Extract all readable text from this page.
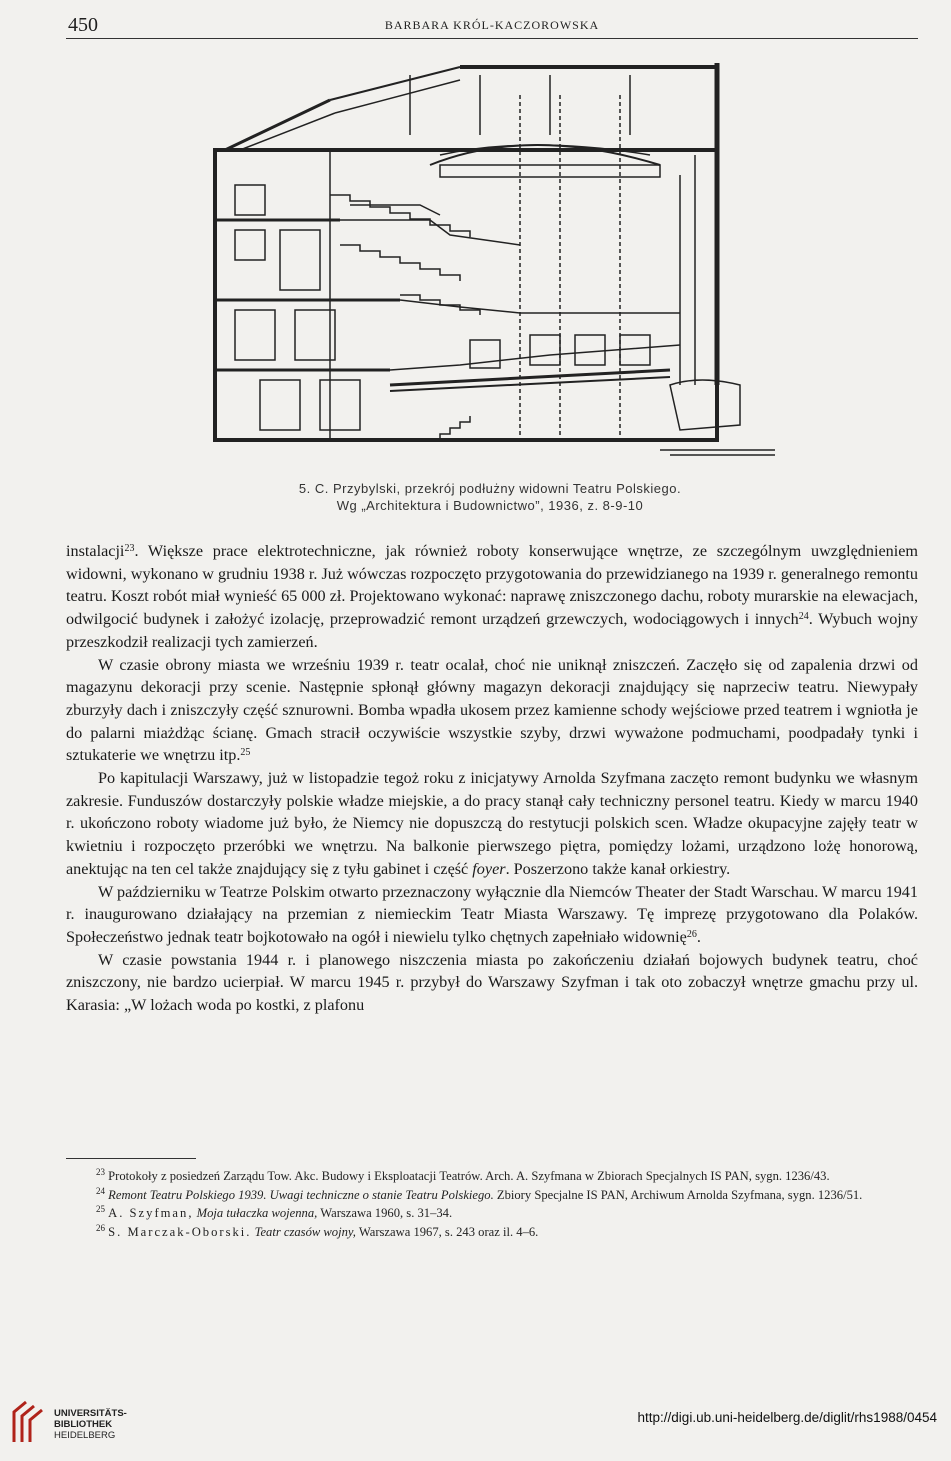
450	BARBARA KRÓL-KACZOROWSKA
5. C. Przybylski, przekrój podłużny widowni Teatru Polskiego.
Wg „Architektura i Budownictwo”, 1936, z. 8-9-10

instalacji$^{23}$. Większe prace elektrotechniczne, jak również roboty konserwujące wnętrze, ze szczególnym uwzględnieniem widowni, wykonano w grudniu 1938 r. Już wówczas rozpoczęto przygotowania do przewidzianego na 1939 r. generalnego remontu teatru. Koszt robót miał wynieść 65 000 zł. Projektowano wykonać: naprawę zniszczonego dachu, roboty murarskie na elewacjach, odwilgocić budynek i założyć izolację, przeprowadzić remont urządzeń grzewczych, wodociągowych i innych$^{24}$. Wybuch wojny przeszkodził realizacji tych zamierzeń.

W czasie obrony miasta we wrześniu 1939 r. teatr ocalał, choć nie uniknął zniszczeń. Zaczęło się od zapalenia drzwi od magazynu dekoracji przy scenie. Następnie spłonął główny magazyn dekoracji znajdujący się naprzeciw teatru. Niewypały zburzyły dach i zniszczyły część sznurowni. Bomba wpadła ukosem przez kamienne schody wejściowe przed teatrem i wgniotła je do palarni miażdżąc ścianę. Gmach stracił oczywiście wszystkie szyby, drzwi wyważone podmuchami, poodpadały tynki i sztukaterie we wnętrzu itp.$^{25}$

Po kapitulacji Warszawy, już w listopadzie tegoż roku z inicjatywy Arnolda Szyfmana zaczęto remont budynku we własnym zakresie. Funduszów dostarczyły polskie władze miejskie, a do pracy stanął cały techniczny personel teatru. Kiedy w marcu 1940 r. ukończono roboty wiadome już było, że Niemcy nie dopuszczą do restytucji polskich scen. Władze okupacyjne zajęły teatr w kwietniu i rozpoczęto przeróbki we wnętrzu. Na balkonie pierwszego piętra, pomiędzy lożami, urządzono lożę honorową, anektując na ten cel także znajdujący się z tyłu gabinet i część foyer. Poszerzono także kanał orkiestry.

W październiku w Teatrze Polskim otwarto przeznaczony wyłącznie dla Niemców Theater der Stadt Warschau. W marcu 1941 r. inaugurowano działający na przemian z niemieckim Teatr Miasta Warszawy. Tę imprezę przygotowano dla Polaków. Społeczeństwo jednak teatr bojkotowało na ogół i niewielu tylko chętnych zapełniało widownię$^{26}$.

W czasie powstania 1944 r. i planowego niszczenia miasta po zakończeniu działań bojowych budynek teatru, choć zniszczony, nie bardzo ucierpiał. W marcu 1945 r. przybył do Warszawy Szyfman i tak oto zobaczył wnętrze gmachu przy ul. Karasia: „W lożach woda po kostki, z plafonu

$^{23}$ Protokoły z posiedzeń Zarządu Tow. Akc. Budowy i Eksploatacji Teatrów. Arch. A. Szyfmana w Zbiorach Specjalnych IS PAN, sygn. 1236/43.

$^{24}$ Remont Teatru Polskiego 1939. Uwagi techniczne o stanie Teatru Polskiego. Zbiory Specjalne IS PAN, Archiwum Arnolda Szyfmana, sygn. 1236/51.

$^{25}$ A. Szyfman, Moja tułaczka wojenna, Warszawa 1960, s. 31–34.

$^{26}$ S. Marczak-Oborski. Teatr czasów wojny, Warszawa 1967, s. 243 oraz il. 4–6.

UNIVERSITÄTS-
BIBLIOTHEK
HEIDELBERG
http://digi.ub.uni-heidelberg.de/diglit/rhs1988/0454
